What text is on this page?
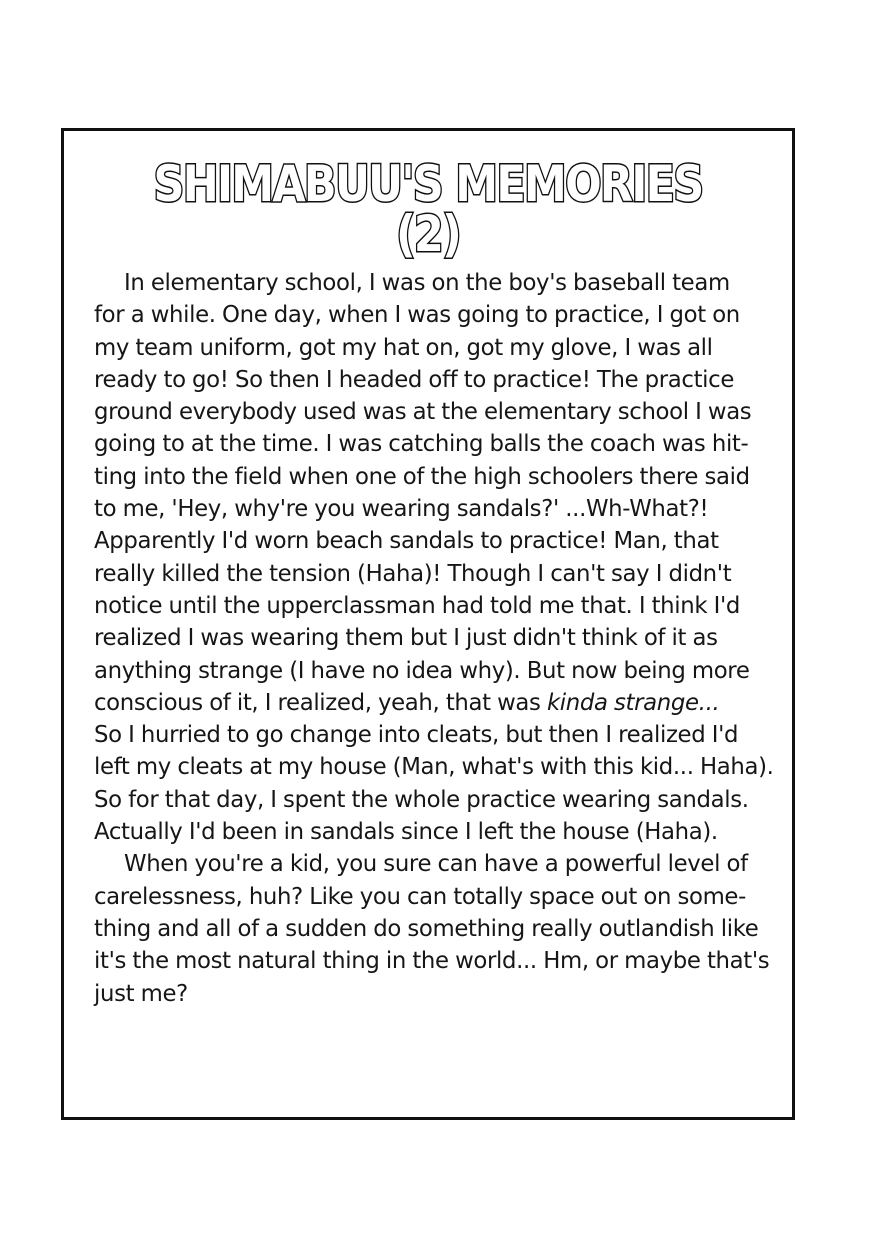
SHIMABUU'S MEMORIES (2)
In elementary school, I was on the boy's baseball team
for a while. One day, when I was going to practice, I got on
my team uniform, got my hat on, got my glove, I was all
ready to go! So then I headed off to practice! The practice
ground everybody used was at the elementary school I was
going to at the time. I was catching balls the coach was hit-
ting into the field when one of the high schoolers there said
to me, 'Hey, why're you wearing sandals?' ...Wh-What?!
Apparently I'd worn beach sandals to practice! Man, that
really killed the tension (Haha)! Though I can't say I didn't
notice until the upperclassman had told me that. I think I'd
realized I was wearing them but I just didn't think of it as
anything strange (I have no idea why). But now being more
conscious of it, I realized, yeah, that was kinda strange...
So I hurried to go change into cleats, but then I realized I'd
left my cleats at my house (Man, what's with this kid... Haha).
So for that day, I spent the whole practice wearing sandals.
Actually I'd been in sandals since I left the house (Haha).
When you're a kid, you sure can have a powerful level of
carelessness, huh? Like you can totally space out on some-
thing and all of a sudden do something really outlandish like
it's the most natural thing in the world... Hm, or maybe that's
just me?
